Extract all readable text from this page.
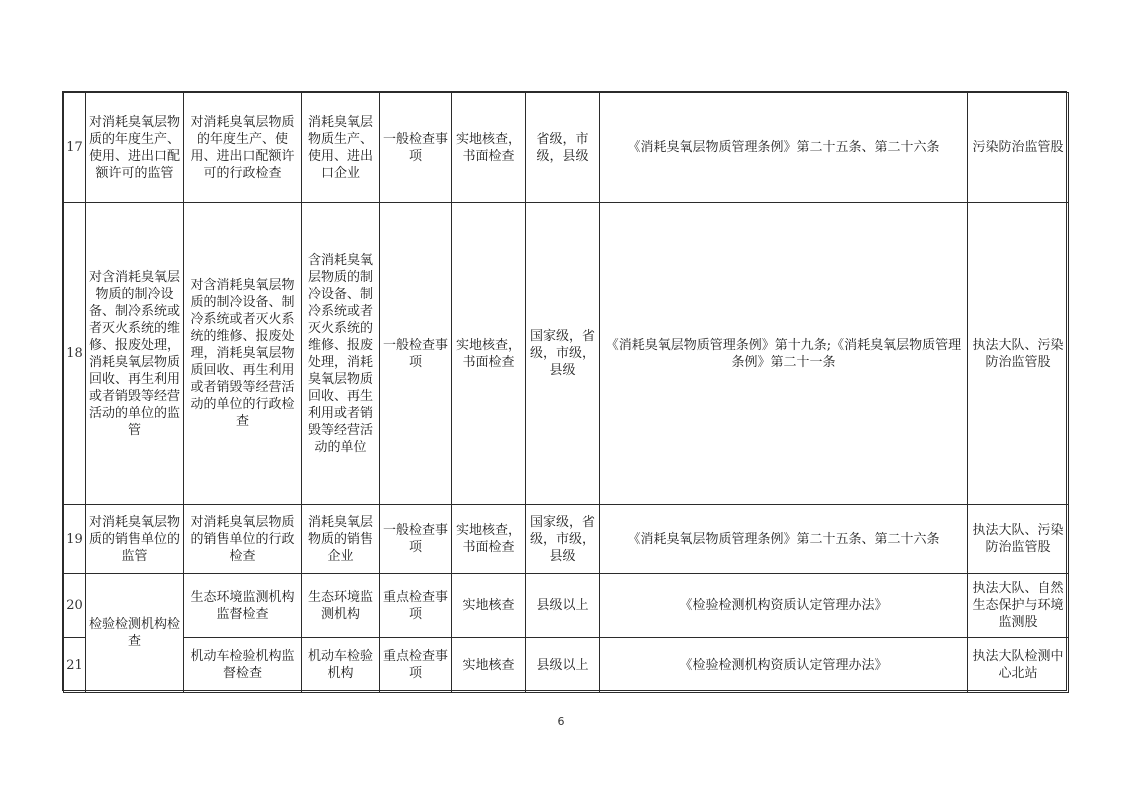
17	对消耗臭氧层物质的年度生产、使用、进出口配额许可的监管	对消耗臭氧层物质的年度生产、使用、进出口配额许可的行政检查	消耗臭氧层物质生产、使用、进出口企业	一般检查事项	实地核查，书面检查	省级，市级，县级	《消耗臭氧层物质管理条例》第二十五条、第二十六条	污染防治监管股
18	对含消耗臭氧层物质的制冷设备、制冷系统或者灭火系统的维修、报废处理，消耗臭氧层物质回收、再生利用或者销毁等经营活动的单位的监管	对含消耗臭氧层物质的制冷设备、制冷系统或者灭火系统的维修、报废处理，消耗臭氧层物质回收、再生利用或者销毁等经营活动的单位的行政检查	含消耗臭氧层物质的制冷设备、制冷系统或者灭火系统的维修、报废处理，消耗臭氧层物质回收、再生利用或者销毁等经营活动的单位	一般检查事项	实地核查，书面检查	国家级，省级，市级，县级	《消耗臭氧层物质管理条例》第十九条;《消耗臭氧层物质管理条例》第二十一条	执法大队、污染防治监管股
19	对消耗臭氧层物质的销售单位的监管	对消耗臭氧层物质的销售单位的行政检查	消耗臭氧层物质的销售企业	一般检查事项	实地核查，书面检查	国家级，省级，市级，县级	《消耗臭氧层物质管理条例》第二十五条、第二十六条	执法大队、污染防治监管股
20	检验检测机构检查	生态环境监测机构监督检查	生态环境监测机构	重点检查事项	实地核查	县级以上	《检验检测机构资质认定管理办法》	执法大队、自然生态保护与环境监测股
21		机动车检验机构监督检查	机动车检验机构	重点检查事项	实地核查	县级以上	《检验检测机构资质认定管理办法》	执法大队检测中心北站
6
